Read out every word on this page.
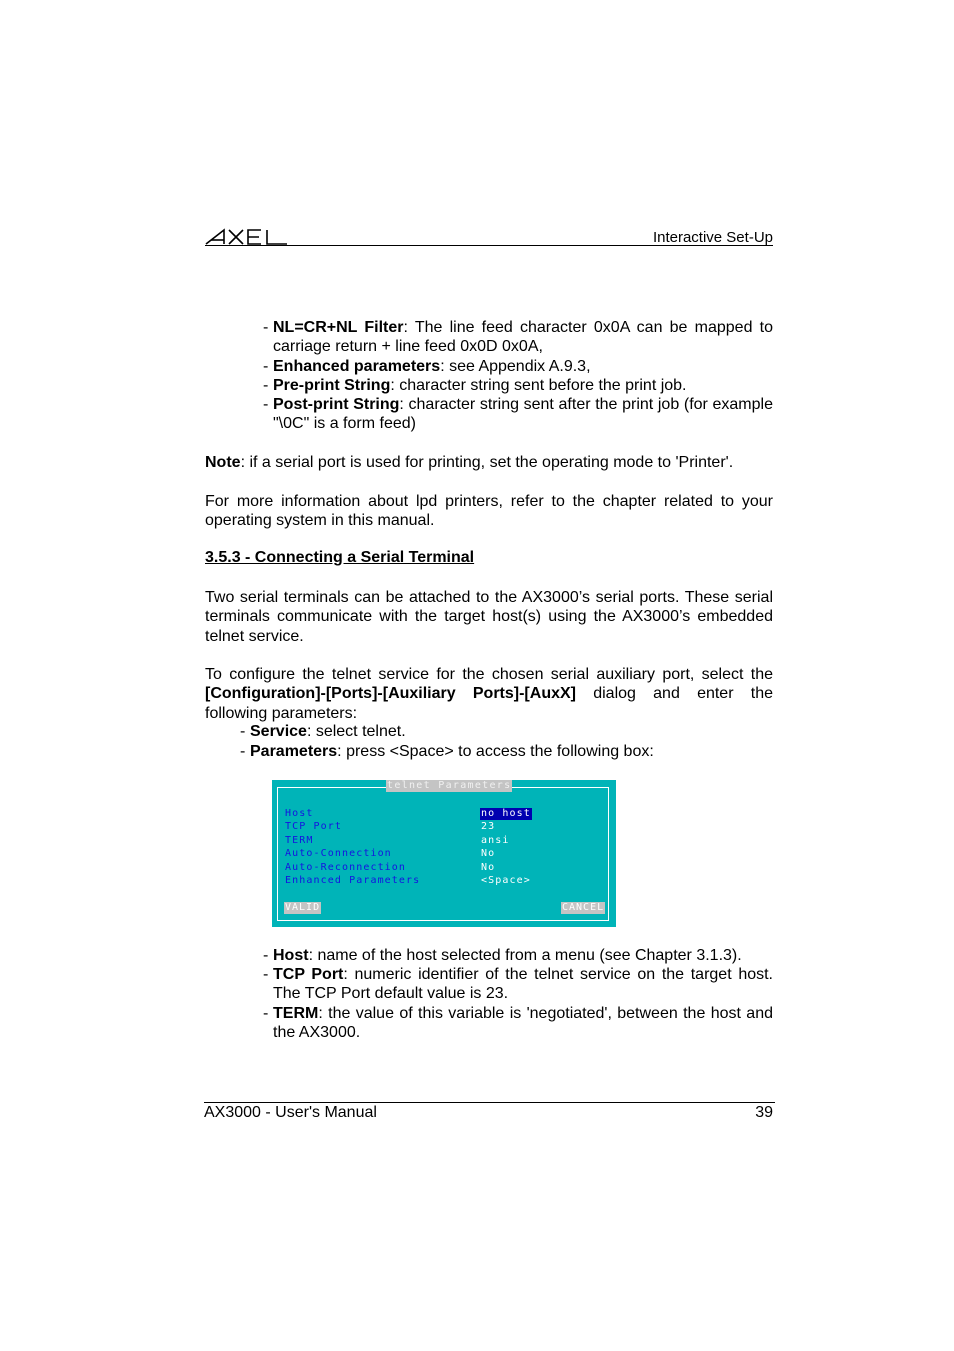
Interactive Set-Up
- NL=CR+NL Filter: The line feed character 0x0A can be mapped to carriage return + line feed 0x0D 0x0A,
- Enhanced parameters: see Appendix A.9.3,
- Pre-print String: character string sent before the print job.
- Post-print String: character string sent after the print job (for example "\0C" is a form feed)
Note: if a serial port is used for printing, set the operating mode to 'Printer'.
For more information about lpd printers, refer to the chapter related to your operating system in this manual.
3.5.3 - Connecting a Serial Terminal
Two serial terminals can be attached to the AX3000’s serial ports. These serial terminals communicate with the target host(s) using the AX3000’s embedded telnet service.
To configure the telnet service for the chosen serial auxiliary port, select the [Configuration]-[Ports]-[Auxiliary Ports]-[AuxX] dialog and enter the following parameters:
- Service: select telnet.
- Parameters: press <Space> to access the following box:
telnet Parameters
Host	no host
TCP Port	23
TERM	ansi
Auto-Connection	No
Auto-Reconnection	No
Enhanced Parameters	<Space>
VALID	CANCEL
- Host: name of the host selected from a menu (see Chapter 3.1.3).
- TCP Port: numeric identifier of the telnet service on the target host. The TCP Port default value is 23.
- TERM: the value of this variable is 'negotiated', between the host and the AX3000.
AX3000 - User's Manual	39
